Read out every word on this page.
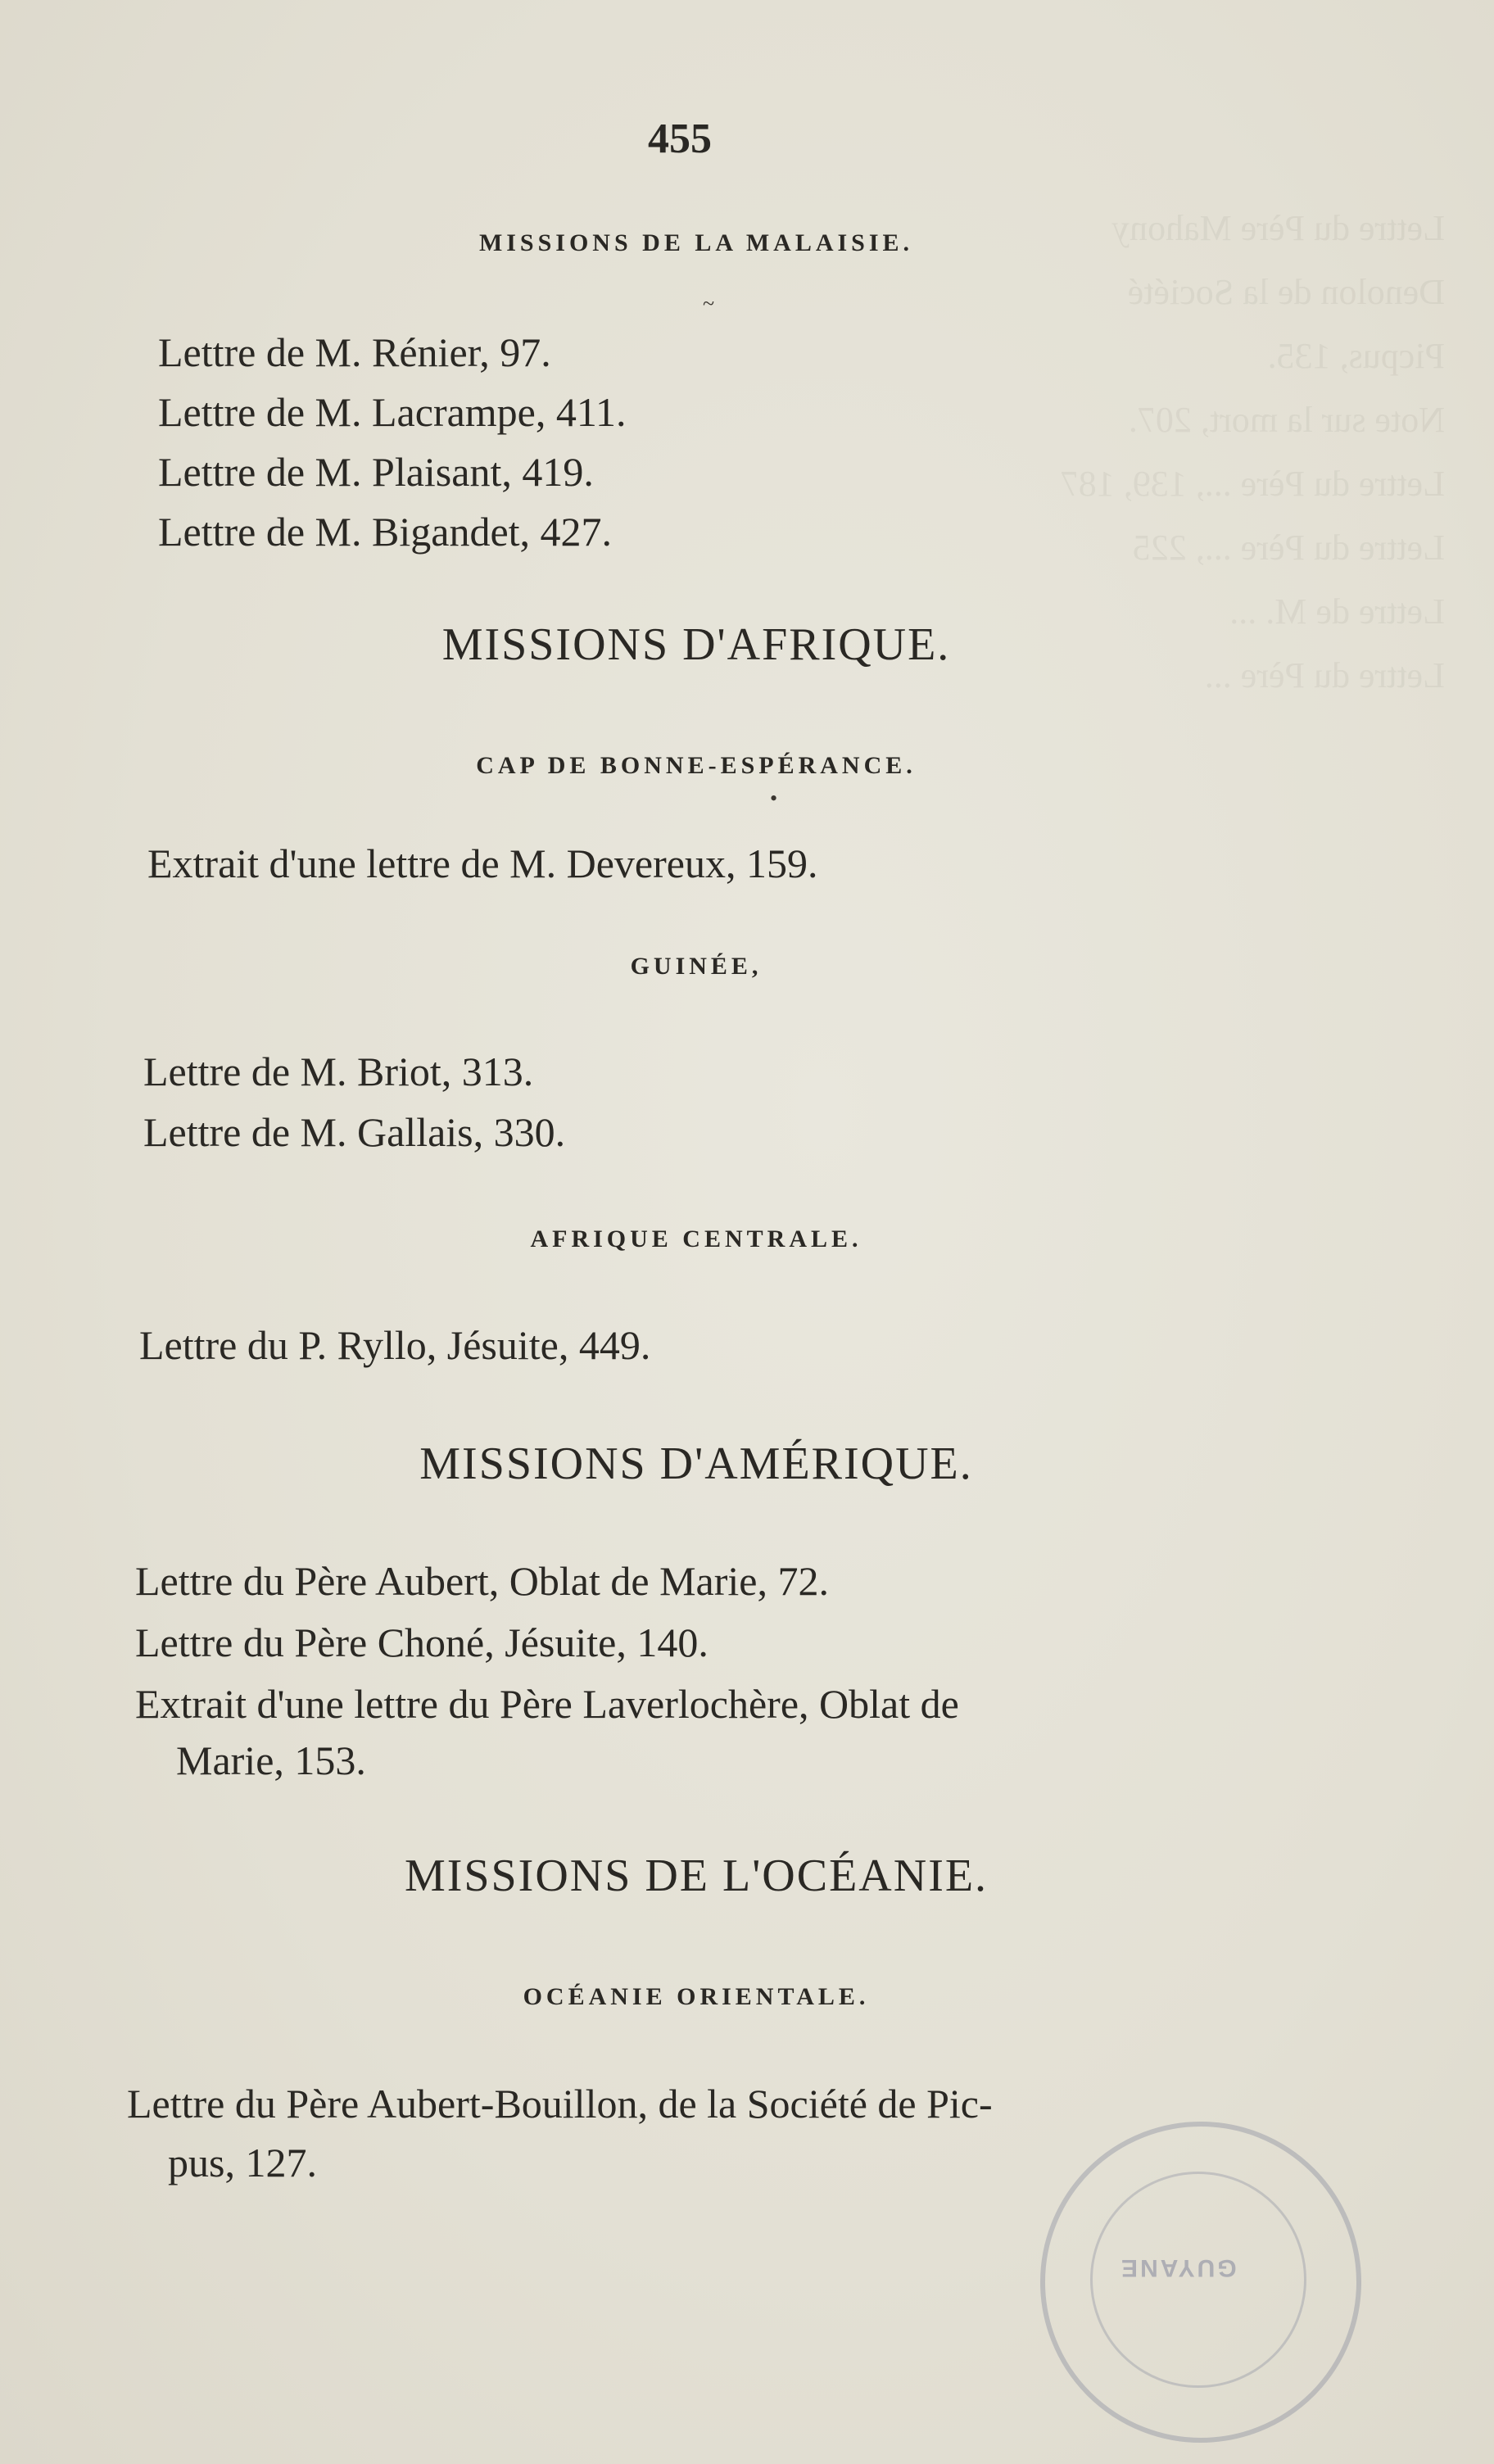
Lettre du Père Mahony Denolon de la Société
Picpus, 135.
Note sur la mort, 207.
Lettre du Père ..., 139, 187
Lettre du Père ..., 225
Lettre de M. ...
Lettre du Père ...
455
MISSIONS DE LA MALAISIE.
~
Lettre de M. Rénier, 97.
Lettre de M. Lacrampe, 411.
Lettre de M. Plaisant, 419.
Lettre de M. Bigandet, 427.
MISSIONS D'AFRIQUE.
CAP DE BONNE-ESPÉRANCE.
•
Extrait d'une lettre de M. Devereux, 159.
GUINÉE,
Lettre de M. Briot, 313.
Lettre de M. Gallais, 330.
AFRIQUE CENTRALE.
Lettre du P. Ryllo, Jésuite, 449.
MISSIONS D'AMÉRIQUE.
Lettre du Père Aubert, Oblat de Marie, 72.
Lettre du Père Choné, Jésuite, 140.
Extrait d'une lettre du Père Laverlochère, Oblat de
Marie, 153.
MISSIONS DE L'OCÉANIE.
OCÉANIE ORIENTALE.
Lettre du Père Aubert-Bouillon, de la Société de Pic-
pus, 127.
GUYANE
